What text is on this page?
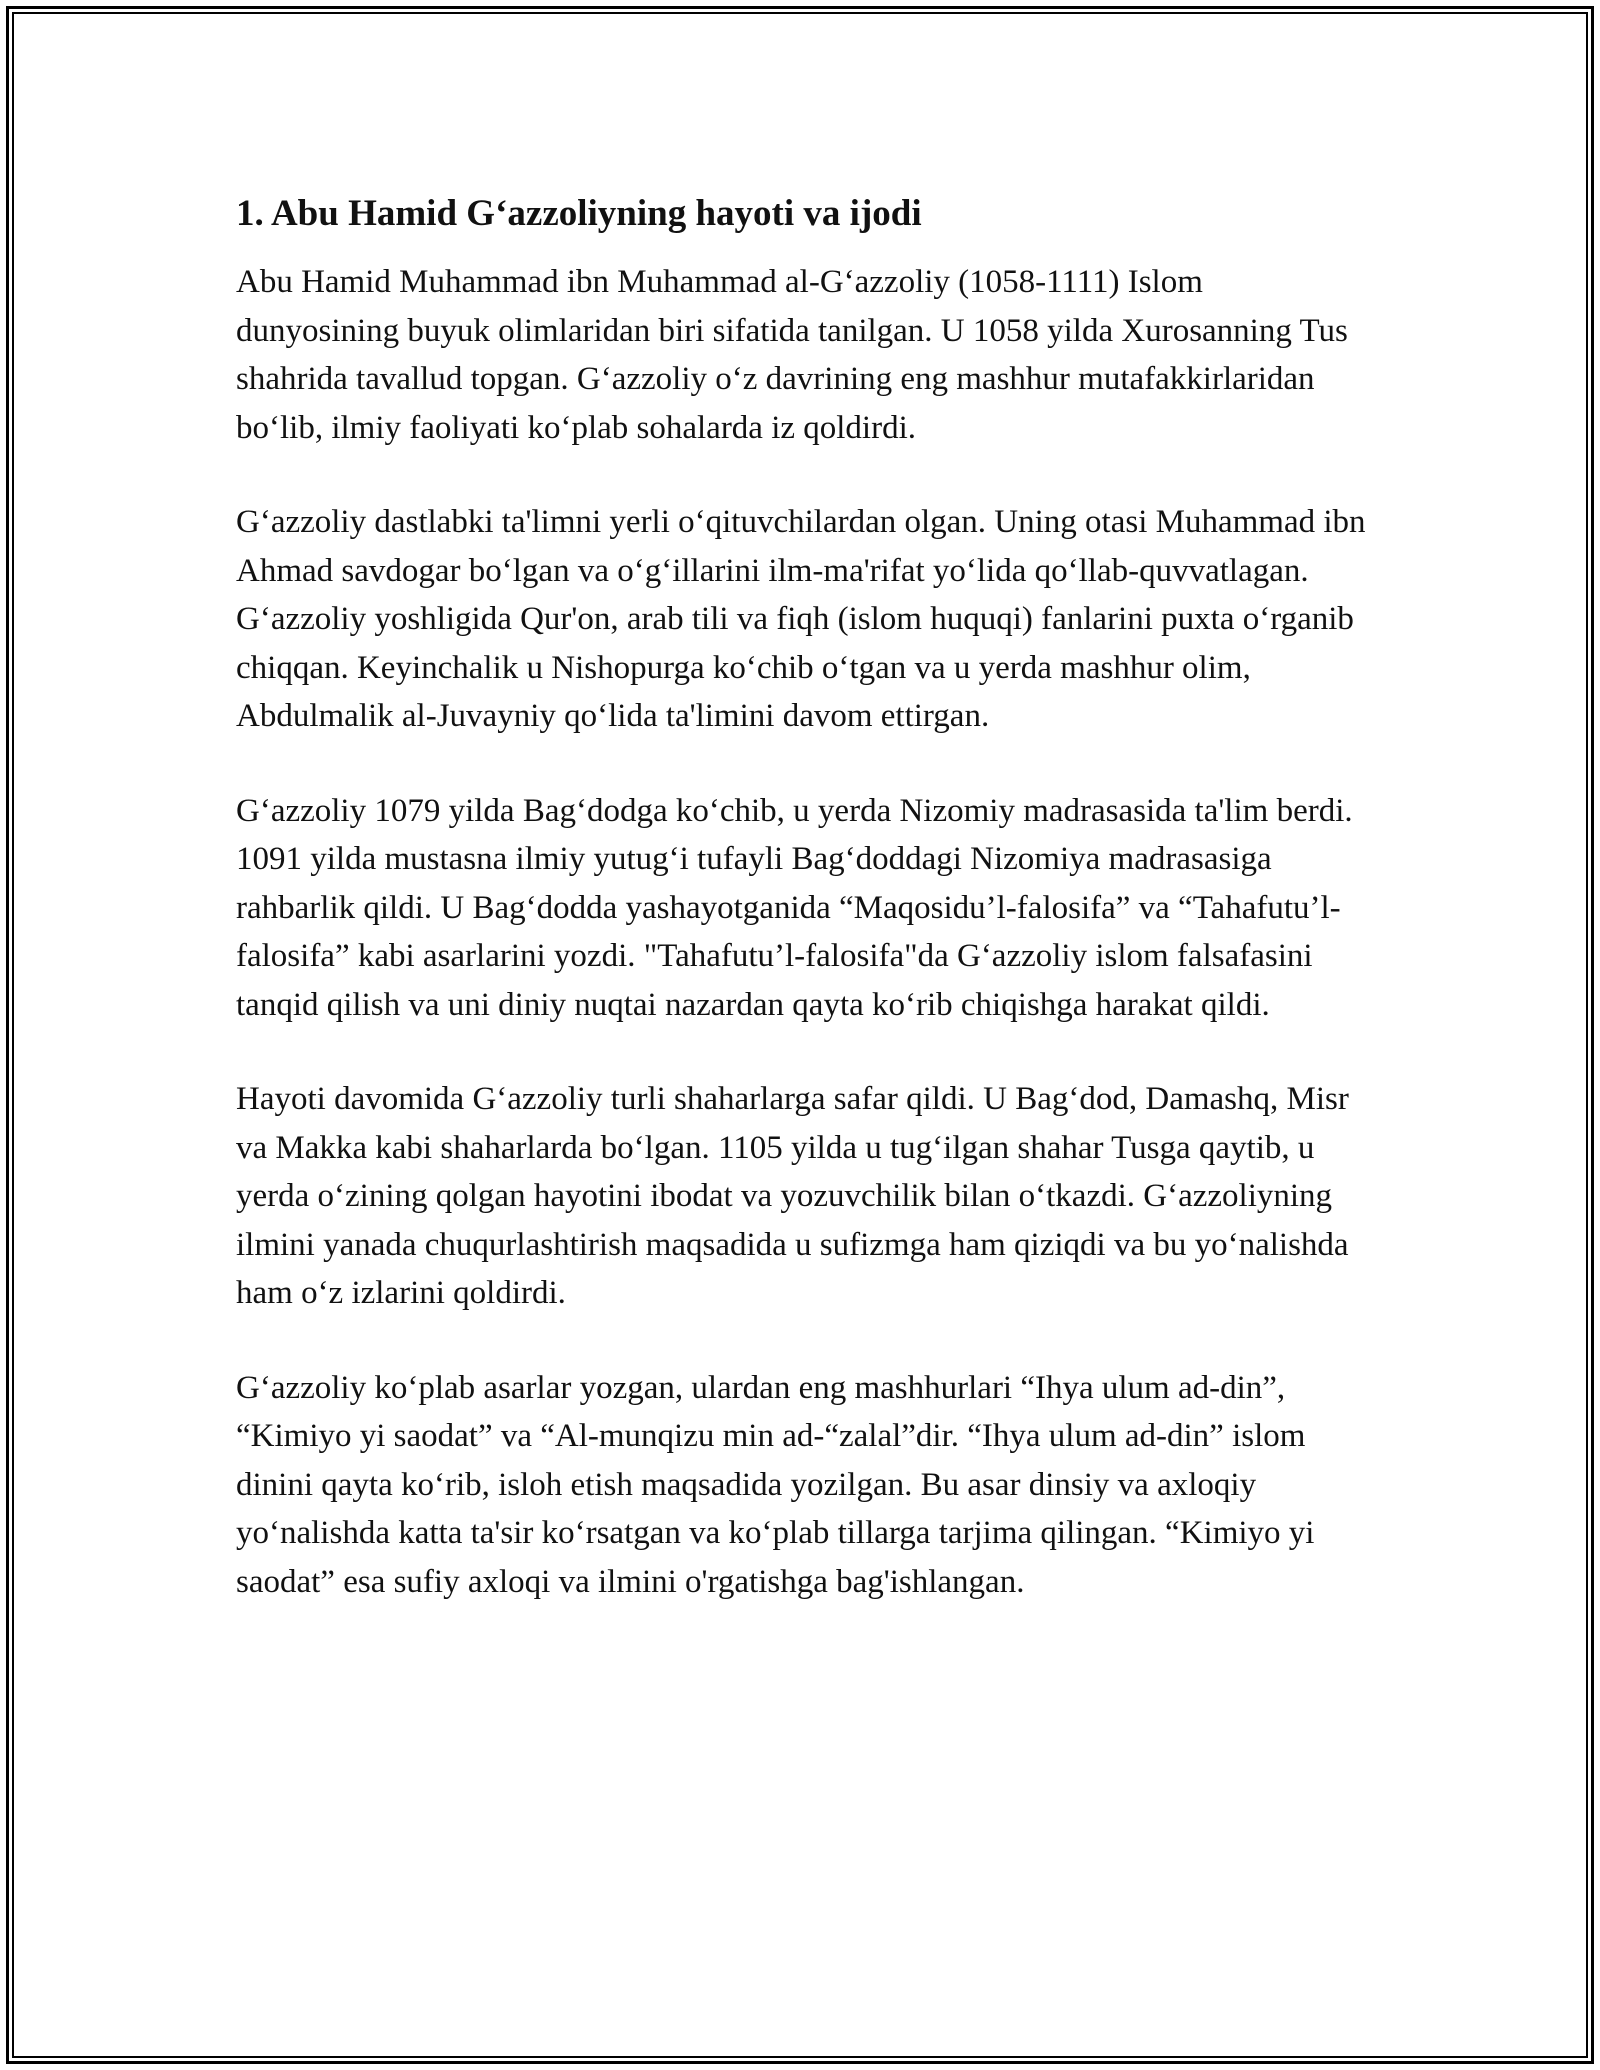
1. Abu Hamid G‘azzoliyning hayoti va ijodi

Abu Hamid Muhammad ibn Muhammad al-G‘azzoliy (1058-1111) Islom dunyosining buyuk olimlaridan biri sifatida tanilgan. U 1058 yilda Xurosanning Tus shahrida tavallud topgan. G‘azzoliy o‘z davrining eng mashhur mutafakkirlaridan bo‘lib, ilmiy faoliyati ko‘plab sohalarda iz qoldirdi.

G‘azzoliy dastlabki ta'limni yerli o‘qituvchilardan olgan. Uning otasi Muhammad ibn Ahmad savdogar bo‘lgan va o‘g‘illarini ilm-ma'rifat yo‘lida qo‘llab-quvvatlagan. G‘azzoliy yoshligida Qur'on, arab tili va fiqh (islom huquqi) fanlarini puxta o‘rganib chiqqan. Keyinchalik u Nishopurga ko‘chib o‘tgan va u yerda mashhur olim, Abdulmalik al-Juvayniy qo‘lida ta'limini davom ettirgan.

G‘azzoliy 1079 yilda Bag‘dodga ko‘chib, u yerda Nizomiy madrasasida ta'lim berdi. 1091 yilda mustasna ilmiy yutug‘i tufayli Bag‘doddagi Nizomiya madrasasiga rahbarlik qildi. U Bag‘dodda yashayotganida “Maqosidu’l-falosifa” va “Tahafutu’l-falosifa” kabi asarlarini yozdi. "Tahafutu’l-falosifa"da G‘azzoliy islom falsafasini tanqid qilish va uni diniy nuqtai nazardan qayta ko‘rib chiqishga harakat qildi.

Hayoti davomida G‘azzoliy turli shaharlarga safar qildi. U Bag‘dod, Damashq, Misr va Makka kabi shaharlarda bo‘lgan. 1105 yilda u tug‘ilgan shahar Tusga qaytib, u yerda o‘zining qolgan hayotini ibodat va yozuvchilik bilan o‘tkazdi. G‘azzoliyning ilmini yanada chuqurlashtirish maqsadida u sufizmga ham qiziqdi va bu yo‘nalishda ham o‘z izlarini qoldirdi.

G‘azzoliy ko‘plab asarlar yozgan, ulardan eng mashhurlari “Ihya ulum ad-din”, “Kimiyo yi saodat” va “Al-munqizu min ad-“zalal”dir. “Ihya ulum ad-din” islom dinini qayta ko‘rib, isloh etish maqsadida yozilgan. Bu asar dinsiy va axloqiy yo‘nalishda katta ta'sir ko‘rsatgan va ko‘plab tillarga tarjima qilingan. “Kimiyo yi saodat” esa sufiy axloqi va ilmini o'rgatishga bag'ishlangan.
